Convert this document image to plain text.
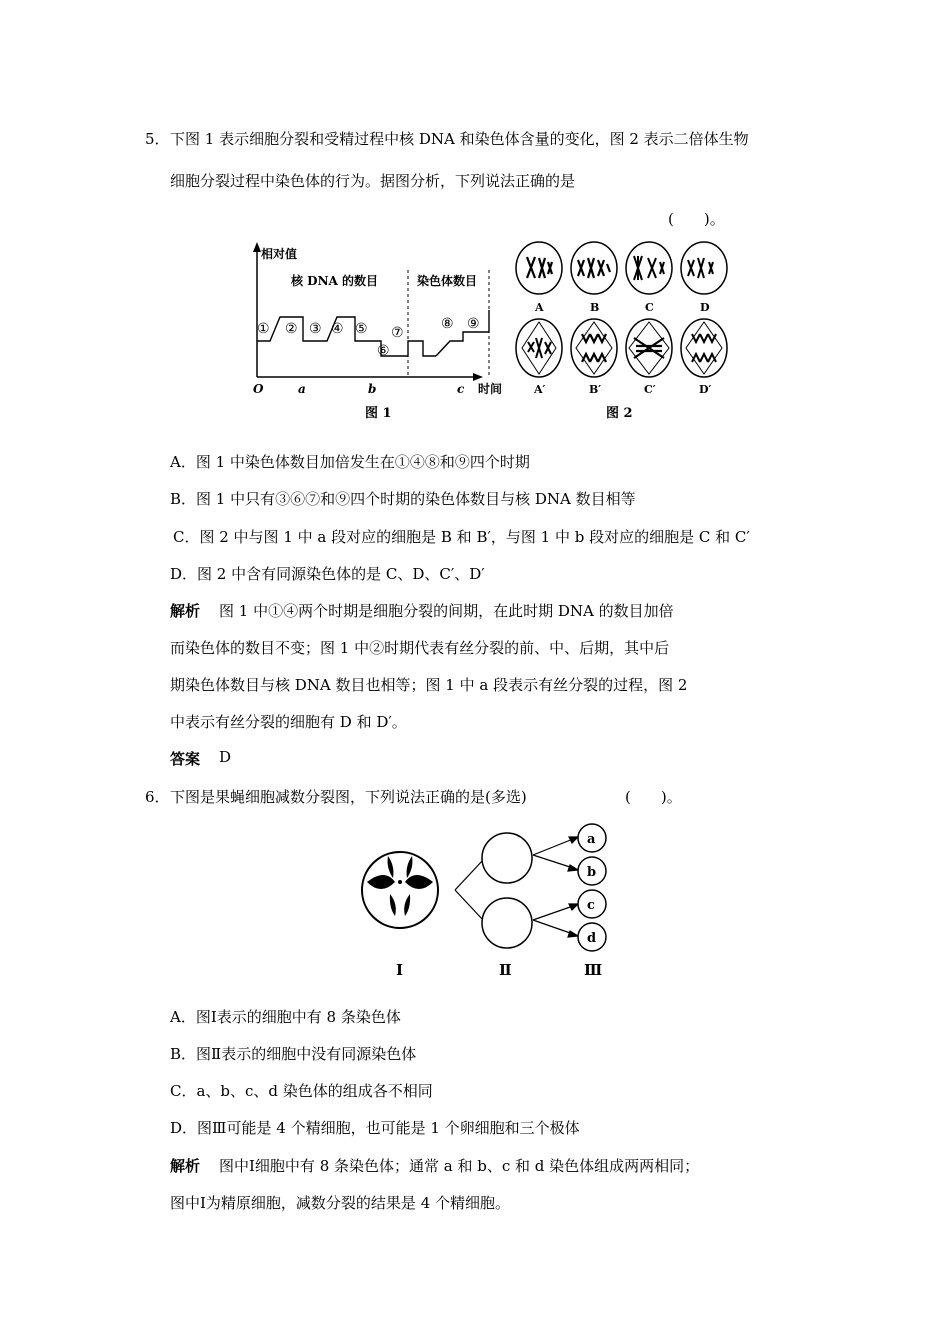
5． 下图 1 表示细胞分裂和受精过程中核 DNA 和染色体含量的变化，图 2 表示二倍体生物
细胞分裂过程中染色体的行为。据图分析，下列说法正确的是
(　　)。
相对值
核 DNA 的数目	染色体数目
① ② ③ ④ ⑤
⑥
⑦
⑧ ⑨
O	a	b	c 时间
图 1
A	B	C	D
A′	B′	C′	D′
图 2
A．图 1 中染色体数目加倍发生在①④⑧和⑨四个时期
B．图 1 中只有③⑥⑦和⑨四个时期的染色体数目与核 DNA 数目相等
C．图 2 中与图 1 中 a 段对应的细胞是 B 和 B′，与图 1 中 b 段对应的细胞是 C 和 C′
D．图 2 中含有同源染色体的是 C、D、C′、D′
解析 图 1 中①④两个时期是细胞分裂的间期，在此时期 DNA 的数目加倍
而染色体的数目不变；图 1 中②时期代表有丝分裂的前、中、后期，其中后
期染色体数目与核 DNA 数目也相等；图 1 中 a 段表示有丝分裂的过程，图 2
中表示有丝分裂的细胞有 D 和 D′。
答案 D
6． 下图是果蝇细胞减数分裂图，下列说法正确的是(多选)	(　　)。
a
b
c
d
Ⅰ	Ⅱ	Ⅲ
A．图Ⅰ表示的细胞中有 8 条染色体
B．图Ⅱ表示的细胞中没有同源染色体
C．a、b、c、d 染色体的组成各不相同
D．图Ⅲ可能是 4 个精细胞，也可能是 1 个卵细胞和三个极体
解析 图中Ⅰ细胞中有 8 条染色体；通常 a 和 b、c 和 d 染色体组成两两相同；
图中Ⅰ为精原细胞，减数分裂的结果是 4 个精细胞。
